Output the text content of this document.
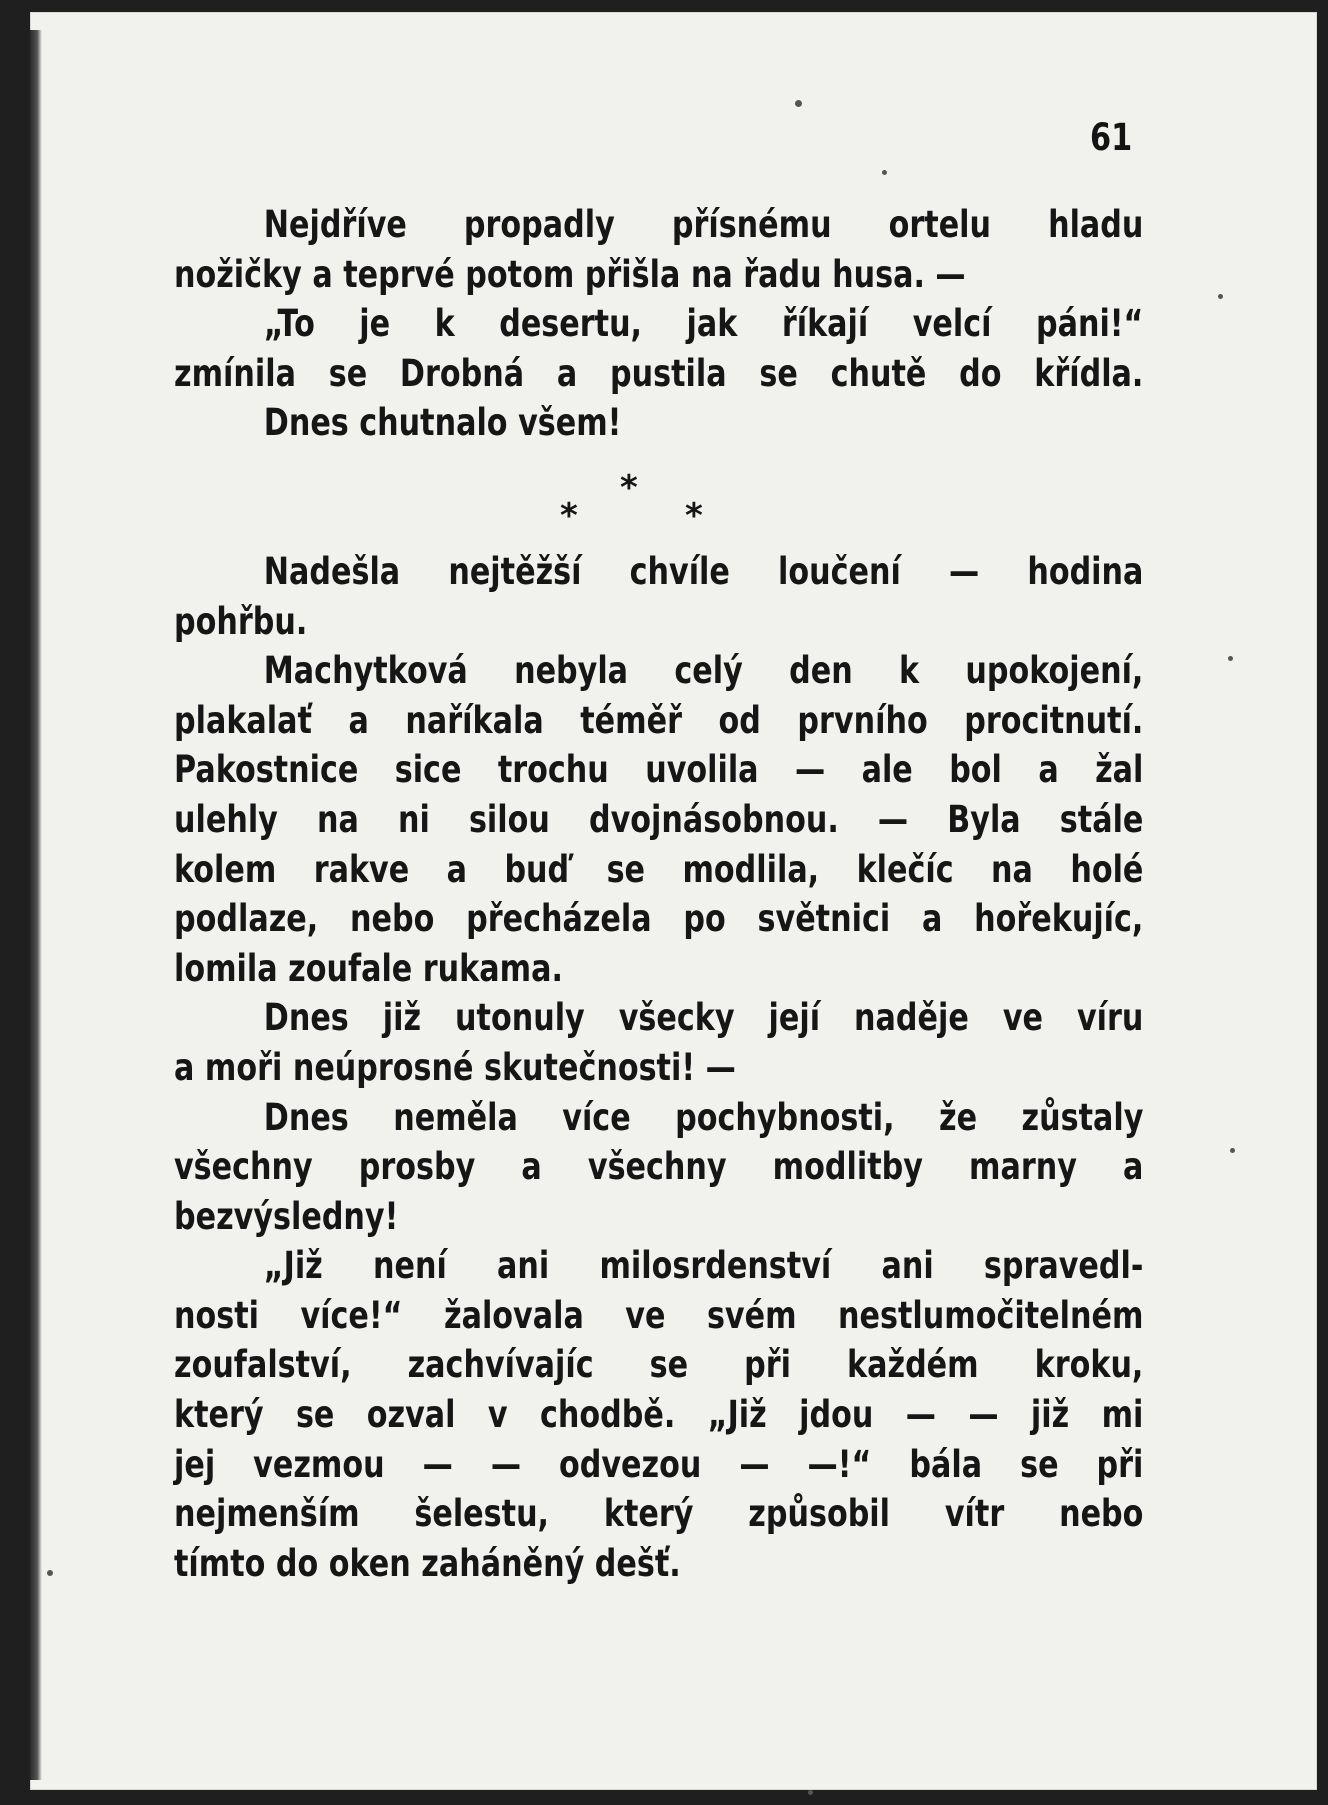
61
Nejdříve propadly přísnému ortelu hladu
nožičky a teprvé potom přišla na řadu husa. —
„To je k desertu, jak říkají velcí páni!“
zmínila se Drobná a pustila se chutě do křídla.
Dnes chutnalo všem!
Nadešla nejtěžší chvíle loučení — hodina
pohřbu.
Machytková nebyla celý den k upokojení,
plakalať a naříkala téměř od prvního procitnutí.
Pakostnice sice trochu uvolila — ale bol a žal
ulehly na ni silou dvojnásobnou. — Byla stále
kolem rakve a buď se modlila, klečíc na holé
podlaze, nebo přecházela po světnici a hořekujíc,
lomila zoufale rukama.
Dnes již utonuly všecky její naděje ve víru
a moři neúprosné skutečnosti! —
Dnes neměla více pochybnosti, že zůstaly
všechny prosby a všechny modlitby marny a
bezvýsledny!
„Již není ani milosrdenství ani spravedl-
nosti více!“ žalovala ve svém nestlumočitelném
zoufalství, zachvívajíc se při každém kroku,
který se ozval v chodbě. „Již jdou — — již mi
jej vezmou — — odvezou — —!“ bála se při
nejmenším šelestu, který způsobil vítr nebo
tímto do oken zaháněný dešť.
*
*	*
